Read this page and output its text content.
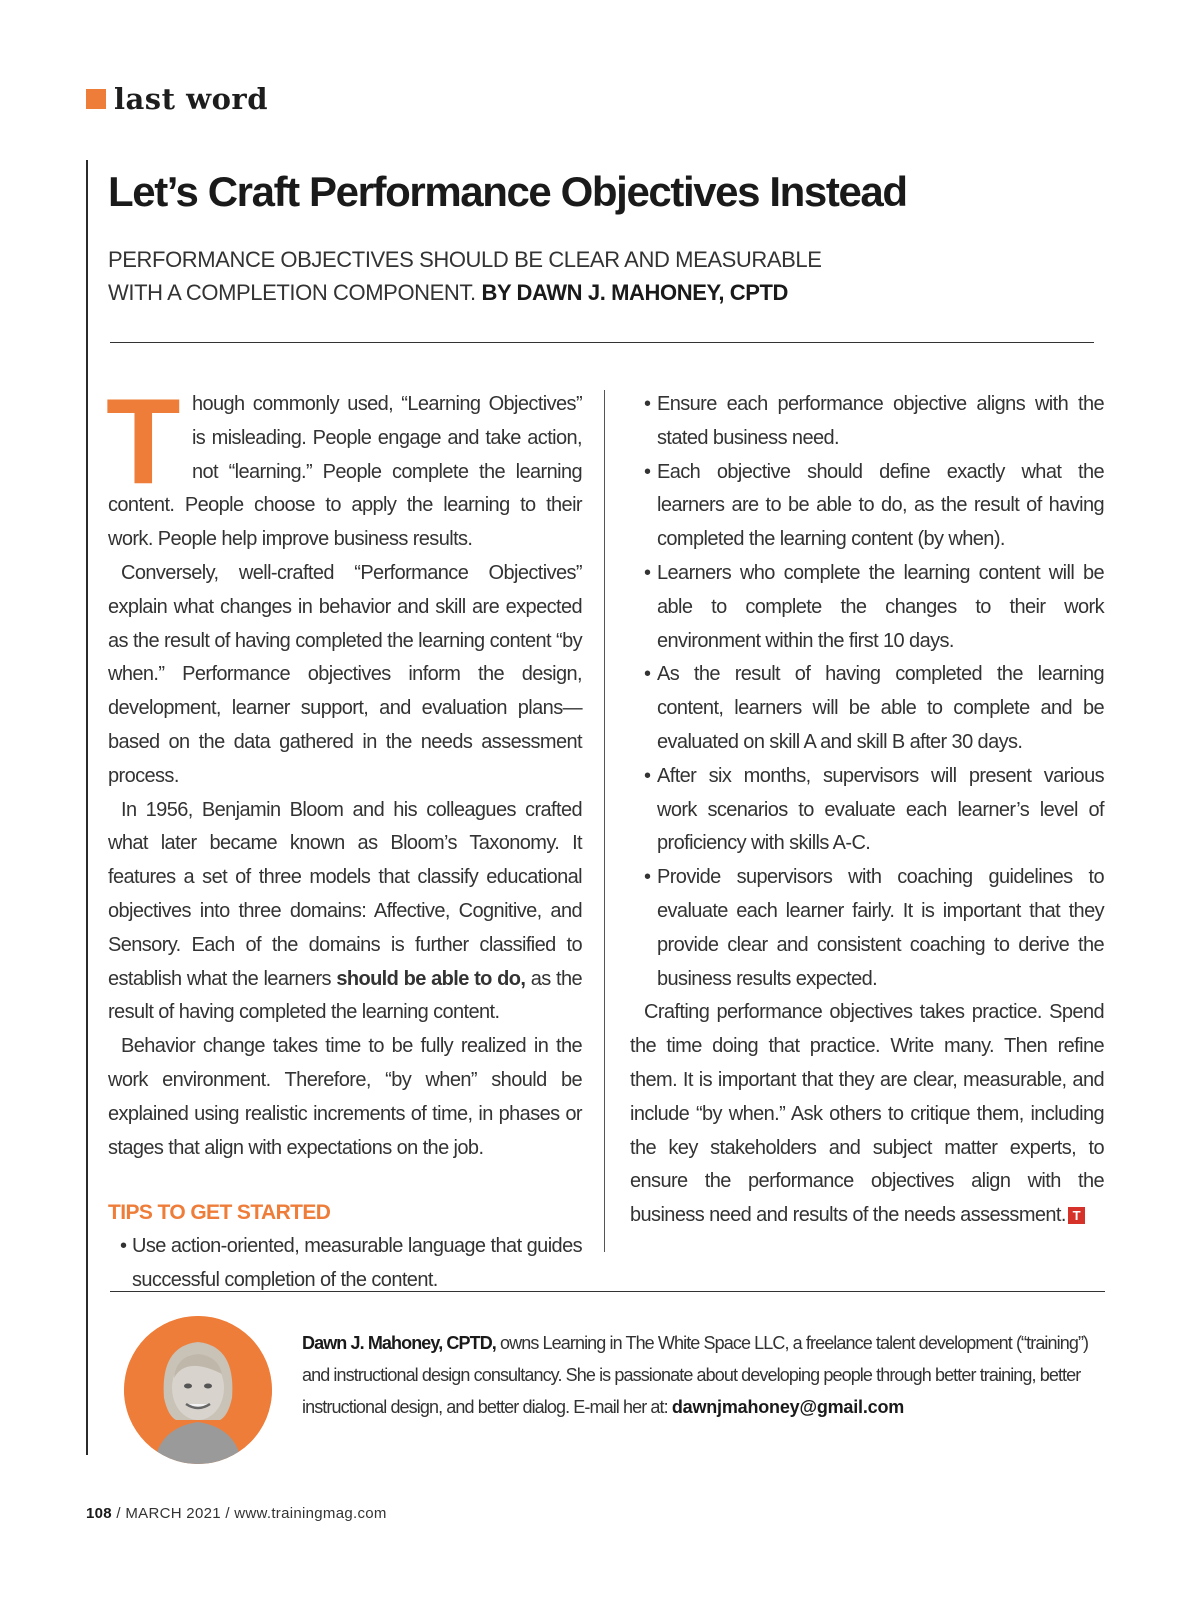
last word
Let’s Craft Performance Objectives Instead
PERFORMANCE OBJECTIVES SHOULD BE CLEAR AND MEASURABLE
WITH A COMPLETION COMPONENT. BY DAWN J. MAHONEY, CPTD

Though commonly used, “Learning Objectives” is misleading. People engage and take action, not “learning.” People complete the learning content. People choose to apply the learning to their work. People help improve business results.

Conversely, well-crafted “Performance Objectives” explain what changes in behavior and skill are expected as the result of having completed the learning content “by when.” Performance objectives inform the design, development, learner support, and evaluation plans—based on the data gathered in the needs assessment process.

In 1956, Benjamin Bloom and his colleagues crafted what later became known as Bloom’s Taxonomy. It features a set of three models that classify educational objectives into three domains: Affective, Cognitive, and Sensory. Each of the domains is further classified to establish what the learners should be able to do, as the result of having completed the learning content.

Behavior change takes time to be fully realized in the work environment. Therefore, “by when” should be explained using realistic increments of time, in phases or stages that align with expectations on the job.

TIPS TO GET STARTED
• Use action-oriented, measurable language that guides successful completion of the content.
• Ensure each performance objective aligns with the stated business need.
• Each objective should define exactly what the learners are to be able to do, as the result of having completed the learning content (by when).
• Learners who complete the learning content will be able to complete the changes to their work environment within the first 10 days.
• As the result of having completed the learning content, learners will be able to complete and be evaluated on skill A and skill B after 30 days.
• After six months, supervisors will present various work scenarios to evaluate each learner’s level of proficiency with skills A-C.
• Provide supervisors with coaching guidelines to evaluate each learner fairly. It is important that they provide clear and consistent coaching to derive the business results expected.

Crafting performance objectives takes practice. Spend the time doing that practice. Write many. Then refine them. It is important that they are clear, measurable, and include “by when.” Ask others to critique them, including the key stakeholders and subject matter experts, to ensure the performance objectives align with the business need and results of the needs assessment. T

Dawn J. Mahoney, CPTD, owns Learning in The White Space LLC, a freelance talent development (“training”) and instructional design consultancy. She is passionate about developing people through better training, better instructional design, and better dialog. E-mail her at: dawnjmahoney@gmail.com
108 / MARCH 2021 / www.trainingmag.com
